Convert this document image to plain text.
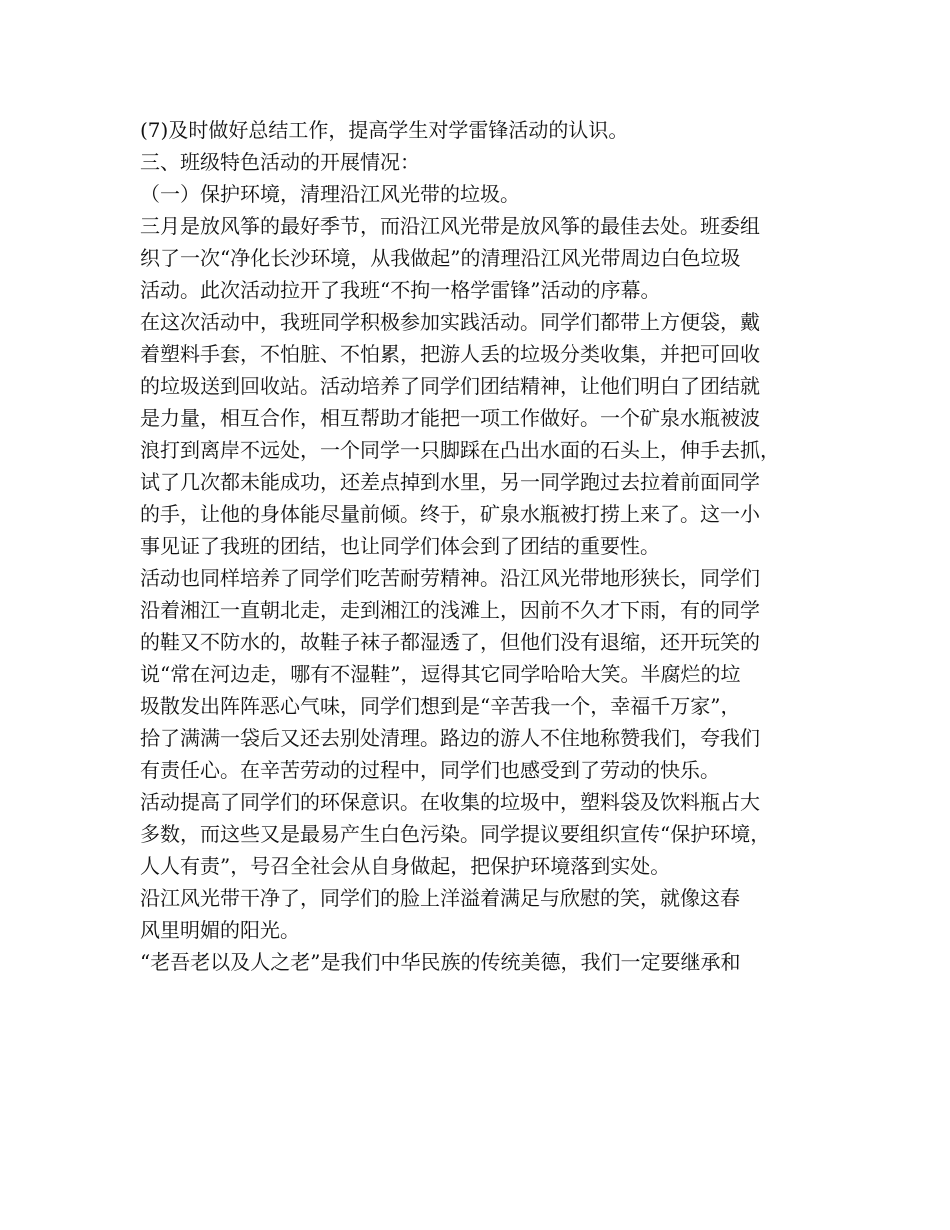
(7)及时做好总结工作，提高学生对学雷锋活动的认识。
三、班级特色活动的开展情况：
（一）保护环境，清理沿江风光带的垃圾。
三月是放风筝的最好季节，而沿江风光带是放风筝的最佳去处。班委组
织了一次“净化长沙环境，从我做起”的清理沿江风光带周边白色垃圾
活动。此次活动拉开了我班“不拘一格学雷锋”活动的序幕。
在这次活动中，我班同学积极参加实践活动。同学们都带上方便袋，戴
着塑料手套，不怕脏、不怕累，把游人丢的垃圾分类收集，并把可回收
的垃圾送到回收站。活动培养了同学们团结精神，让他们明白了团结就
是力量，相互合作，相互帮助才能把一项工作做好。一个矿泉水瓶被波
浪打到离岸不远处，一个同学一只脚踩在凸出水面的石头上，伸手去抓，
试了几次都未能成功，还差点掉到水里，另一同学跑过去拉着前面同学
的手，让他的身体能尽量前倾。终于，矿泉水瓶被打捞上来了。这一小
事见证了我班的团结，也让同学们体会到了团结的重要性。
活动也同样培养了同学们吃苦耐劳精神。沿江风光带地形狭长，同学们
沿着湘江一直朝北走，走到湘江的浅滩上，因前不久才下雨，有的同学
的鞋又不防水的，故鞋子袜子都湿透了，但他们没有退缩，还开玩笑的
说“常在河边走，哪有不湿鞋”，逗得其它同学哈哈大笑。半腐烂的垃
圾散发出阵阵恶心气味，同学们想到是“辛苦我一个，幸福千万家”，
拾了满满一袋后又还去别处清理。路边的游人不住地称赞我们，夸我们
有责任心。在辛苦劳动的过程中，同学们也感受到了劳动的快乐。
活动提高了同学们的环保意识。在收集的垃圾中，塑料袋及饮料瓶占大
多数，而这些又是最易产生白色污染。同学提议要组织宣传“保护环境，
人人有责”，号召全社会从自身做起，把保护环境落到实处。
沿江风光带干净了，同学们的脸上洋溢着满足与欣慰的笑，就像这春
风里明媚的阳光。
“老吾老以及人之老”是我们中华民族的传统美德，我们一定要继承和
